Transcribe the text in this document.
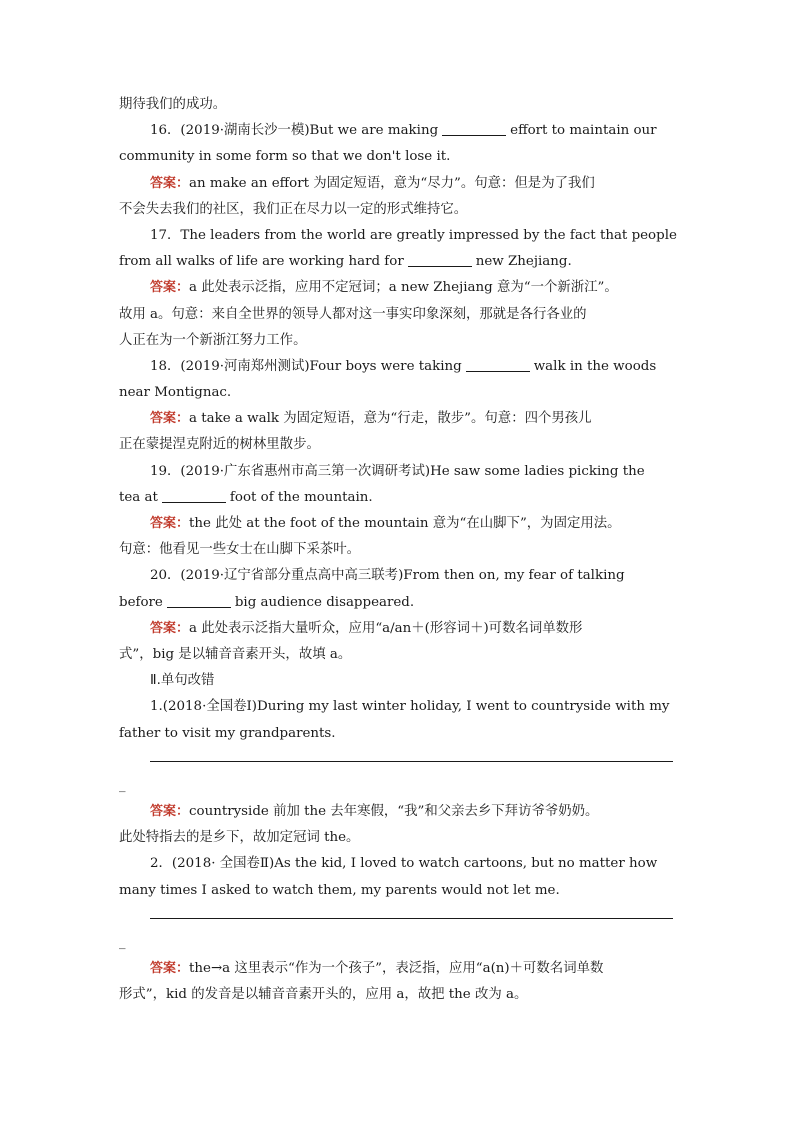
期待我们的成功。
16．(2019·湖南长沙一模)But we are making	effort to maintain our
community in some form so that we don't lose it.
答案：an make an effort 为固定短语，意为“尽力”。句意：但是为了我们
不会失去我们的社区，我们正在尽力以一定的形式维持它。
17．The leaders from the world are greatly impressed by the fact that people
from all walks of life are working hard for	new Zhejiang.
答案：a 此处表示泛指，应用不定冠词；a new Zhejiang 意为“一个新浙江”。
故用 a。句意：来自全世界的领导人都对这一事实印象深刻，那就是各行各业的
人正在为一个新浙江努力工作。
18．(2019·河南郑州测试)Four boys were taking	walk in the woods
near Montignac.
答案：a take a walk 为固定短语，意为“行走，散步”。句意：四个男孩儿
正在蒙提涅克附近的树林里散步。
19．(2019·广东省惠州市高三第一次调研考试)He saw some ladies picking the
tea at	foot of the mountain.
答案：the 此处 at the foot of the mountain 意为“在山脚下”，为固定用法。
句意：他看见一些女士在山脚下采茶叶。
20．(2019·辽宁省部分重点高中高三联考)From then on, my fear of talking
before	big audience disappeared.
答案：a 此处表示泛指大量听众，应用“a/an＋(形容词＋)可数名词单数形
式”，big 是以辅音音素开头，故填 a。
Ⅱ.单句改错
1.(2018·全国卷Ⅰ)During my last winter holiday, I went to countryside with my
father to visit my grandparents.
_
答案：countryside 前加 the 去年寒假，“我”和父亲去乡下拜访爷爷奶奶。
此处特指去的是乡下，故加定冠词 the。
2．(2018· 全国卷Ⅱ)As the kid, I loved to watch cartoons, but no matter how
many times I asked to watch them, my parents would not let me.
_
答案：the→a 这里表示“作为一个孩子”，表泛指，应用“a(n)＋可数名词单数
形式”，kid 的发音是以辅音音素开头的，应用 a，故把 the 改为 a。
